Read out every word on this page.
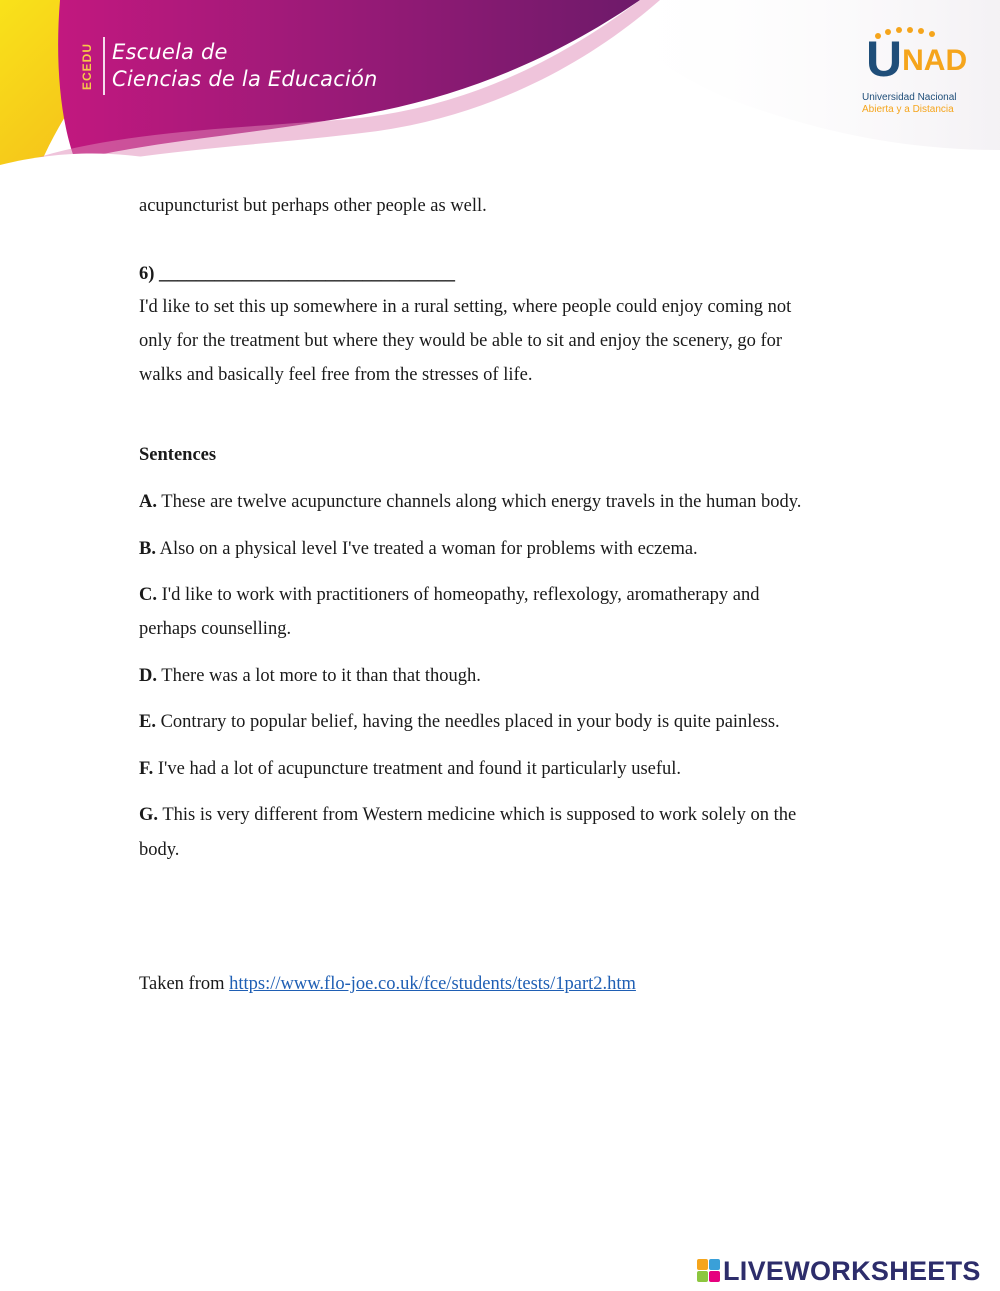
ECEDU Escuela de
Ciencias de la Educación	UNAD
Universidad Nacional
Abierta y a Distancia
acupuncturist but perhaps other people as well.
6) ________________________________
I'd like to set this up somewhere in a rural setting, where people could enjoy coming not
only for the treatment but where they would be able to sit and enjoy the scenery, go for
walks and basically feel free from the stresses of life.
Sentences
A. These are twelve acupuncture channels along which energy travels in the human body.
B. Also on a physical level I've treated a woman for problems with eczema.
C. I'd like to work with practitioners of homeopathy, reflexology, aromatherapy and
perhaps counselling.
D. There was a lot more to it than that though.
E. Contrary to popular belief, having the needles placed in your body is quite painless.
F. I've had a lot of acupuncture treatment and found it particularly useful.
G. This is very different from Western medicine which is supposed to work solely on the
body.
Taken from https://www.flo-joe.co.uk/fce/students/tests/1part2.htm
LIVEWORKSHEETS
